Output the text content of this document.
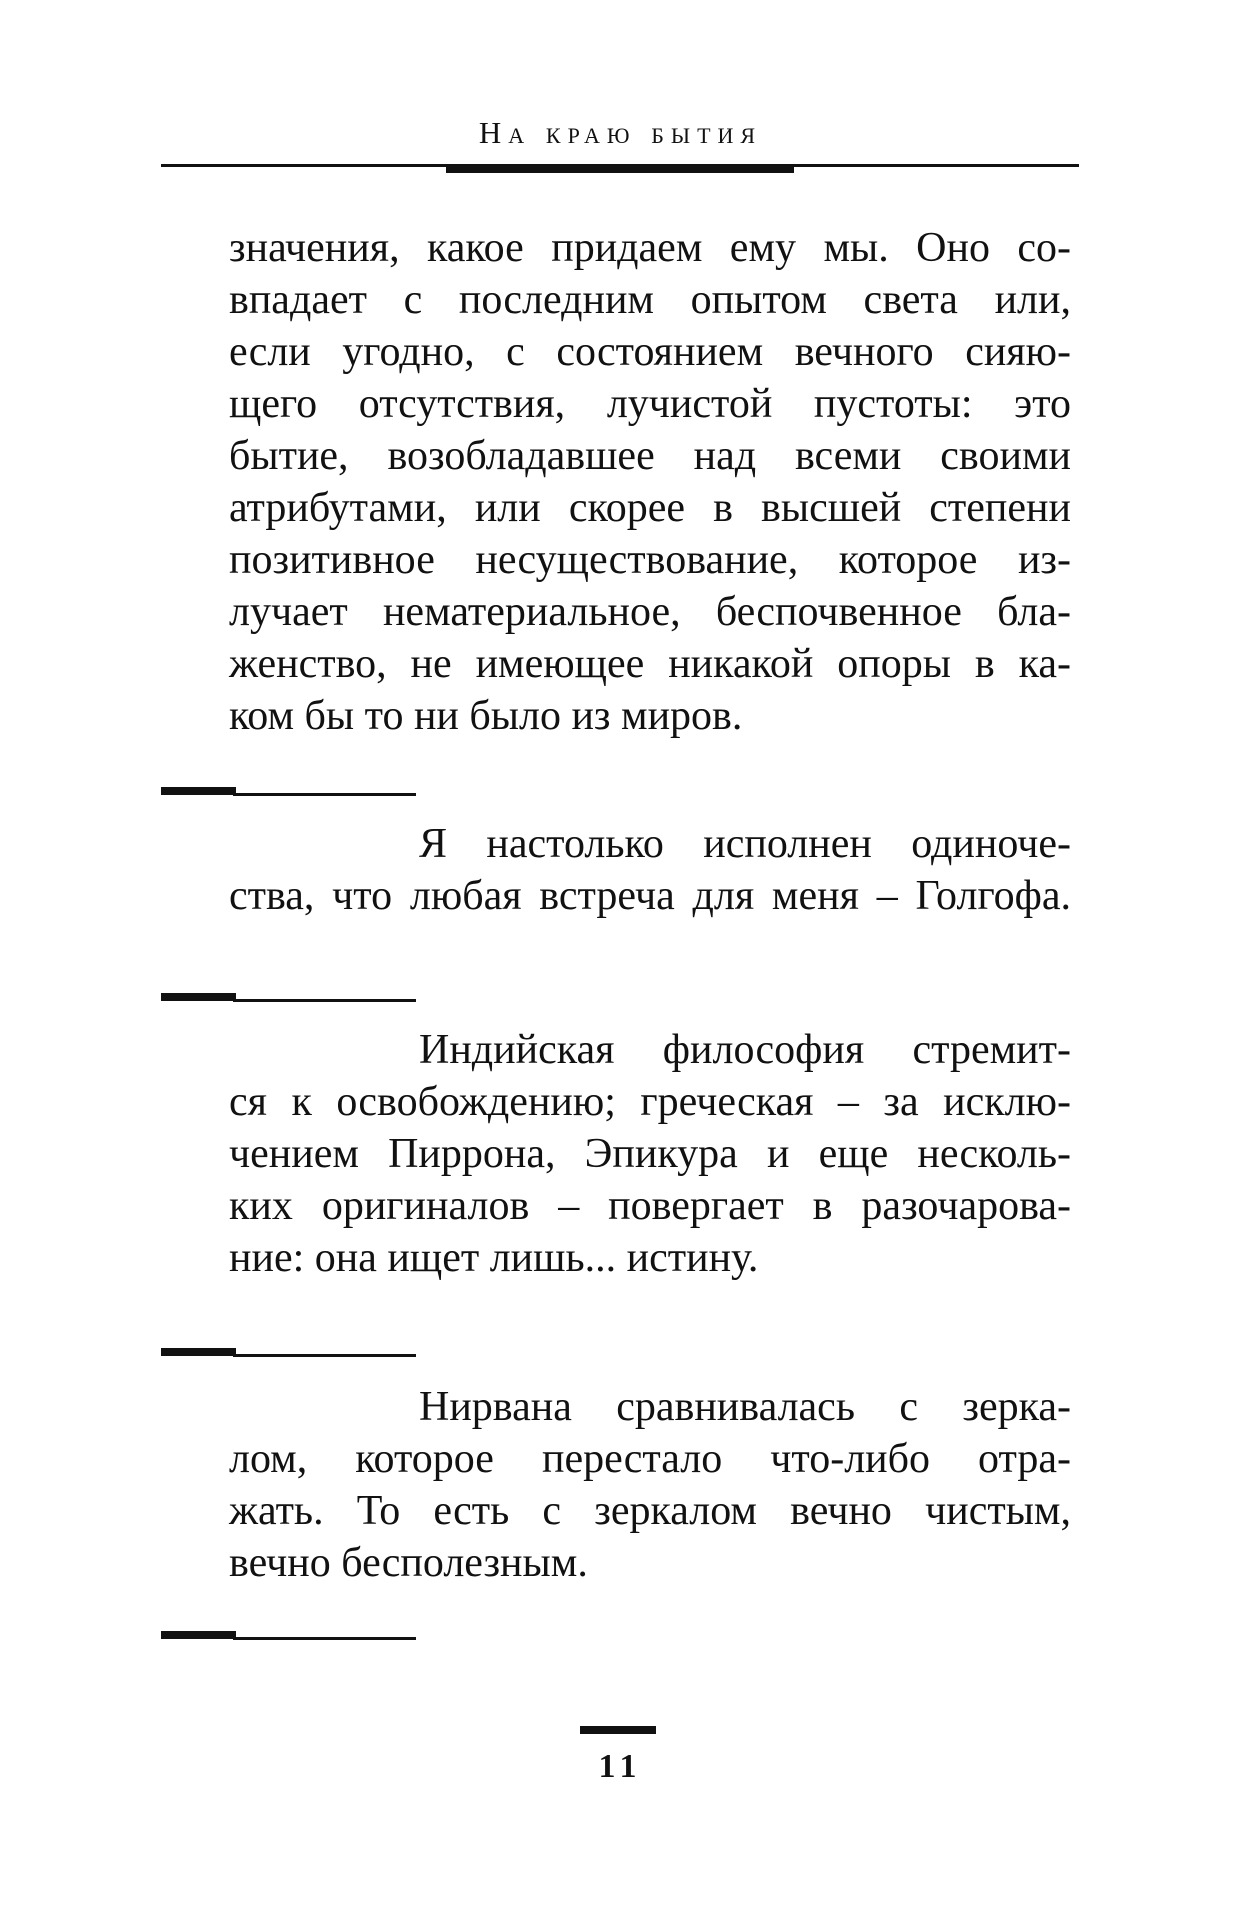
На краю бытия
значения, какое придаем ему мы. Оно со-
впадает с последним опытом света или,
если угодно, с состоянием вечного сияю-
щего отсутствия, лучистой пустоты: это
бытие, возобладавшее над всеми своими
атрибутами, или скорее в высшей степени
позитивное несуществование, которое из-
лучает нематериальное, беспочвенное бла-
женство, не имеющее никакой опоры в ка-
ком бы то ни было из миров.
Я настолько исполнен одиноче-
ства, что любая встреча для меня – Голгофа.
Индийская философия стремит-
ся к освобождению; греческая – за исклю-
чением Пиррона, Эпикура и еще несколь-
ких оригиналов – повергает в разочарова-
ние: она ищет лишь... истину.
Нирвана сравнивалась с зерка-
лом, которое перестало что-либо отра-
жать. То есть с зеркалом вечно чистым,
вечно бесполезным.
11
